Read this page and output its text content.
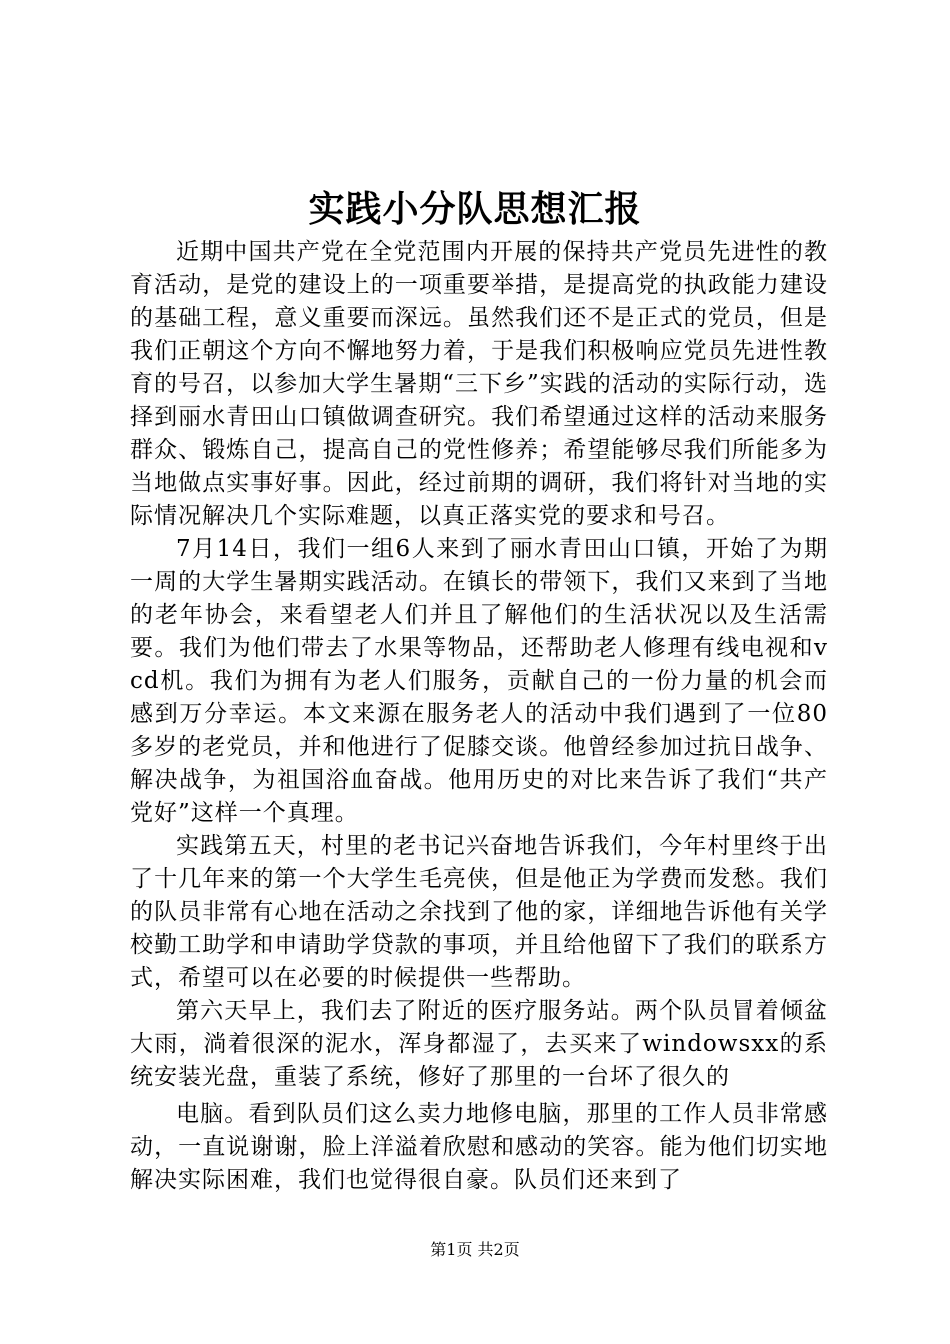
实践小分队思想汇报

近期中国共产党在全党范围内开展的保持共产党员先进性的教育活动，是党的建设上的一项重要举措，是提高党的执政能力建设的基础工程，意义重要而深远。虽然我们还不是正式的党员，但是我们正朝这个方向不懈地努力着，于是我们积极响应党员先进性教育的号召，以参加大学生暑期“三下乡”实践的活动的实际行动，选择到丽水青田山口镇做调查研究。我们希望通过这样的活动来服务群众、锻炼自己，提高自己的党性修养；希望能够尽我们所能多为当地做点实事好事。因此，经过前期的调研，我们将针对当地的实际情况解决几个实际难题，以真正落实党的要求和号召。

7月14日，我们一组6人来到了丽水青田山口镇，开始了为期一周的大学生暑期实践活动。在镇长的带领下，我们又来到了当地的老年协会，来看望老人们并且了解他们的生活状况以及生活需要。我们为他们带去了水果等物品，还帮助老人修理有线电视和vcd机。我们为拥有为老人们服务，贡献自己的一份力量的机会而感到万分幸运。本文来源在服务老人的活动中我们遇到了一位80多岁的老党员，并和他进行了促膝交谈。他曾经参加过抗日战争、解决战争，为祖国浴血奋战。他用历史的对比来告诉了我们“共产党好”这样一个真理。

实践第五天，村里的老书记兴奋地告诉我们，今年村里终于出了十几年来的第一个大学生毛亮侠，但是他正为学费而发愁。我们的队员非常有心地在活动之余找到了他的家，详细地告诉他有关学校勤工助学和申请助学贷款的事项，并且给他留下了我们的联系方式，希望可以在必要的时候提供一些帮助。

第六天早上，我们去了附近的医疗服务站。两个队员冒着倾盆大雨，淌着很深的泥水，浑身都湿了，去买来了windowsxx的系统安装光盘，重装了系统，修好了那里的一台坏了很久的

电脑。看到队员们这么卖力地修电脑，那里的工作人员非常感动，一直说谢谢，脸上洋溢着欣慰和感动的笑容。能为他们切实地解决实际困难，我们也觉得很自豪。队员们还来到了

第1页 共2页
